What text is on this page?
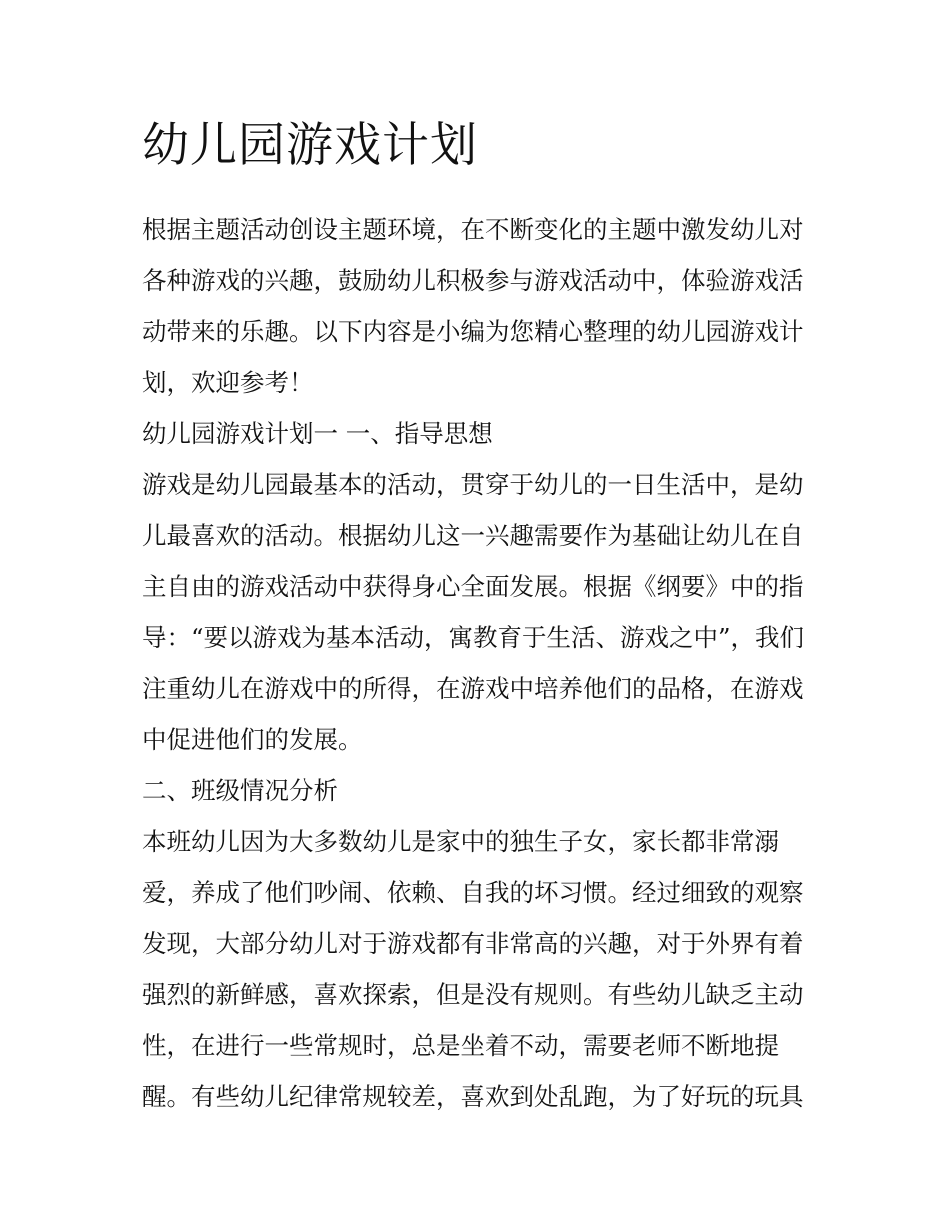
幼儿园游戏计划
根据主题活动创设主题环境，在不断变化的主题中激发幼儿对
各种游戏的兴趣，鼓励幼儿积极参与游戏活动中，体验游戏活
动带来的乐趣。以下内容是小编为您精心整理的幼儿园游戏计
划，欢迎参考！
幼儿园游戏计划一 一、指导思想
游戏是幼儿园最基本的活动，贯穿于幼儿的一日生活中，是幼
儿最喜欢的活动。根据幼儿这一兴趣需要作为基础让幼儿在自
主自由的游戏活动中获得身心全面发展。根据《纲要》中的指
导：“要以游戏为基本活动，寓教育于生活、游戏之中”，我们
注重幼儿在游戏中的所得，在游戏中培养他们的品格，在游戏
中促进他们的发展。
二、班级情况分析
本班幼儿因为大多数幼儿是家中的独生子女，家长都非常溺
爱，养成了他们吵闹、依赖、自我的坏习惯。经过细致的观察
发现，大部分幼儿对于游戏都有非常高的兴趣，对于外界有着
强烈的新鲜感，喜欢探索，但是没有规则。有些幼儿缺乏主动
性，在进行一些常规时，总是坐着不动，需要老师不断地提
醒。有些幼儿纪律常规较差，喜欢到处乱跑，为了好玩的玩具
